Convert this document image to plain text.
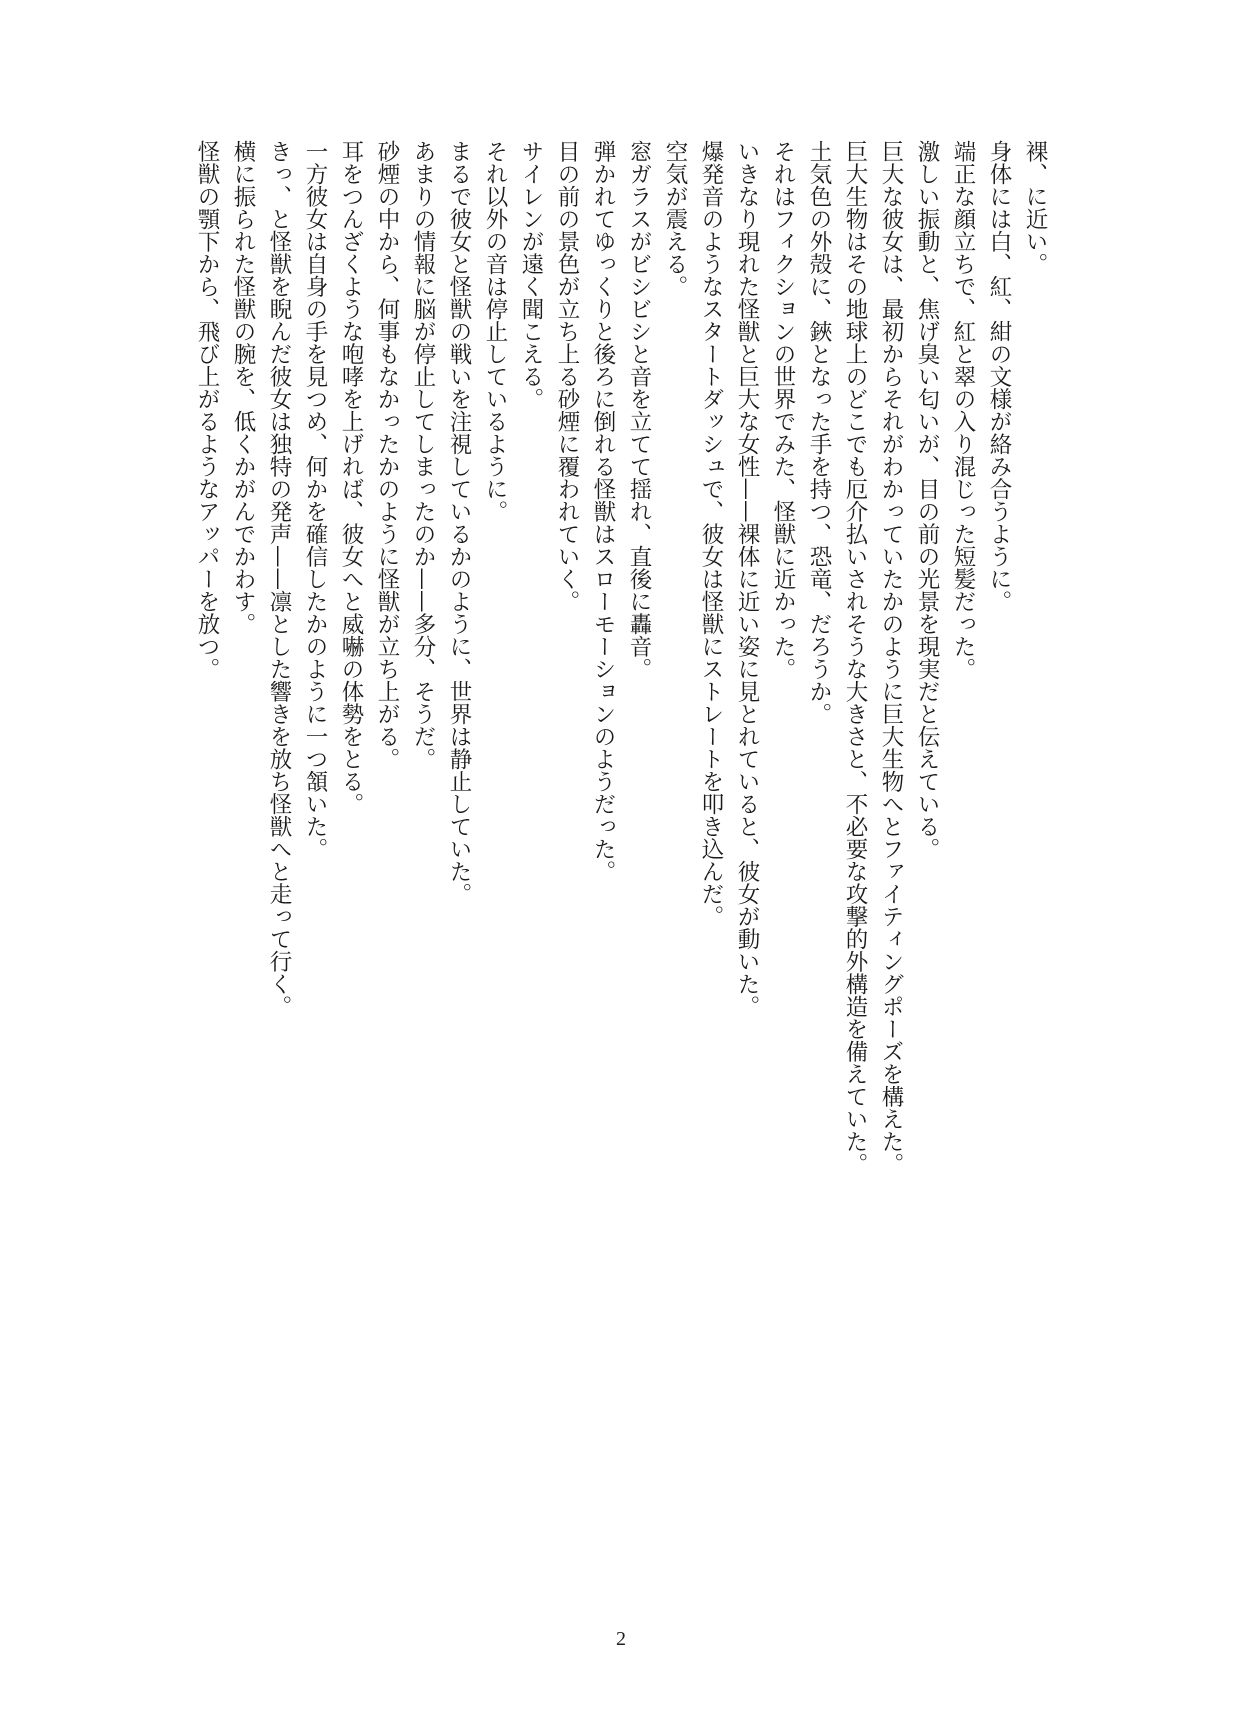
裸、に近い。

身体には白、紅、紺の文様が絡み合うように。

端正な顔立ちで、紅と翠の入り混じった短髪だった。

激しい振動と、焦げ臭い匂いが、目の前の光景を現実だと伝えている。

巨大な彼女は、最初からそれがわかっていたかのように巨大生物へとファイティングポーズを構えた。

巨大生物はその地球上のどこでも厄介払いされそうな大きさと、不必要な攻撃的外構造を備えていた。

土気色の外殻に、鋏となった手を持つ、恐竜、だろうか。

それはフィクションの世界でみた、怪獣に近かった。

いきなり現れた怪獣と巨大な女性——裸体に近い姿に見とれていると、彼女が動いた。

爆発音のようなスタートダッシュで、彼女は怪獣にストレートを叩き込んだ。

空気が震える。

窓ガラスがビシビシと音を立てて揺れ、直後に轟音。

弾かれてゆっくりと後ろに倒れる怪獣はスローモーションのようだった。

目の前の景色が立ち上る砂煙に覆われていく。

サイレンが遠く聞こえる。

それ以外の音は停止しているように。

まるで彼女と怪獣の戦いを注視しているかのように、世界は静止していた。

あまりの情報に脳が停止してしまったのか——多分、そうだ。

砂煙の中から、何事もなかったかのように怪獣が立ち上がる。

耳をつんざくような咆哮を上げれば、彼女へと威嚇の体勢をとる。

一方彼女は自身の手を見つめ、何かを確信したかのように一つ頷いた。

きっ、と怪獣を睨んだ彼女は独特の発声——凛とした響きを放ち怪獣へと走って行く。

横に振られた怪獣の腕を、低くかがんでかわす。

怪獣の顎下から、飛び上がるようなアッパーを放つ。

2
